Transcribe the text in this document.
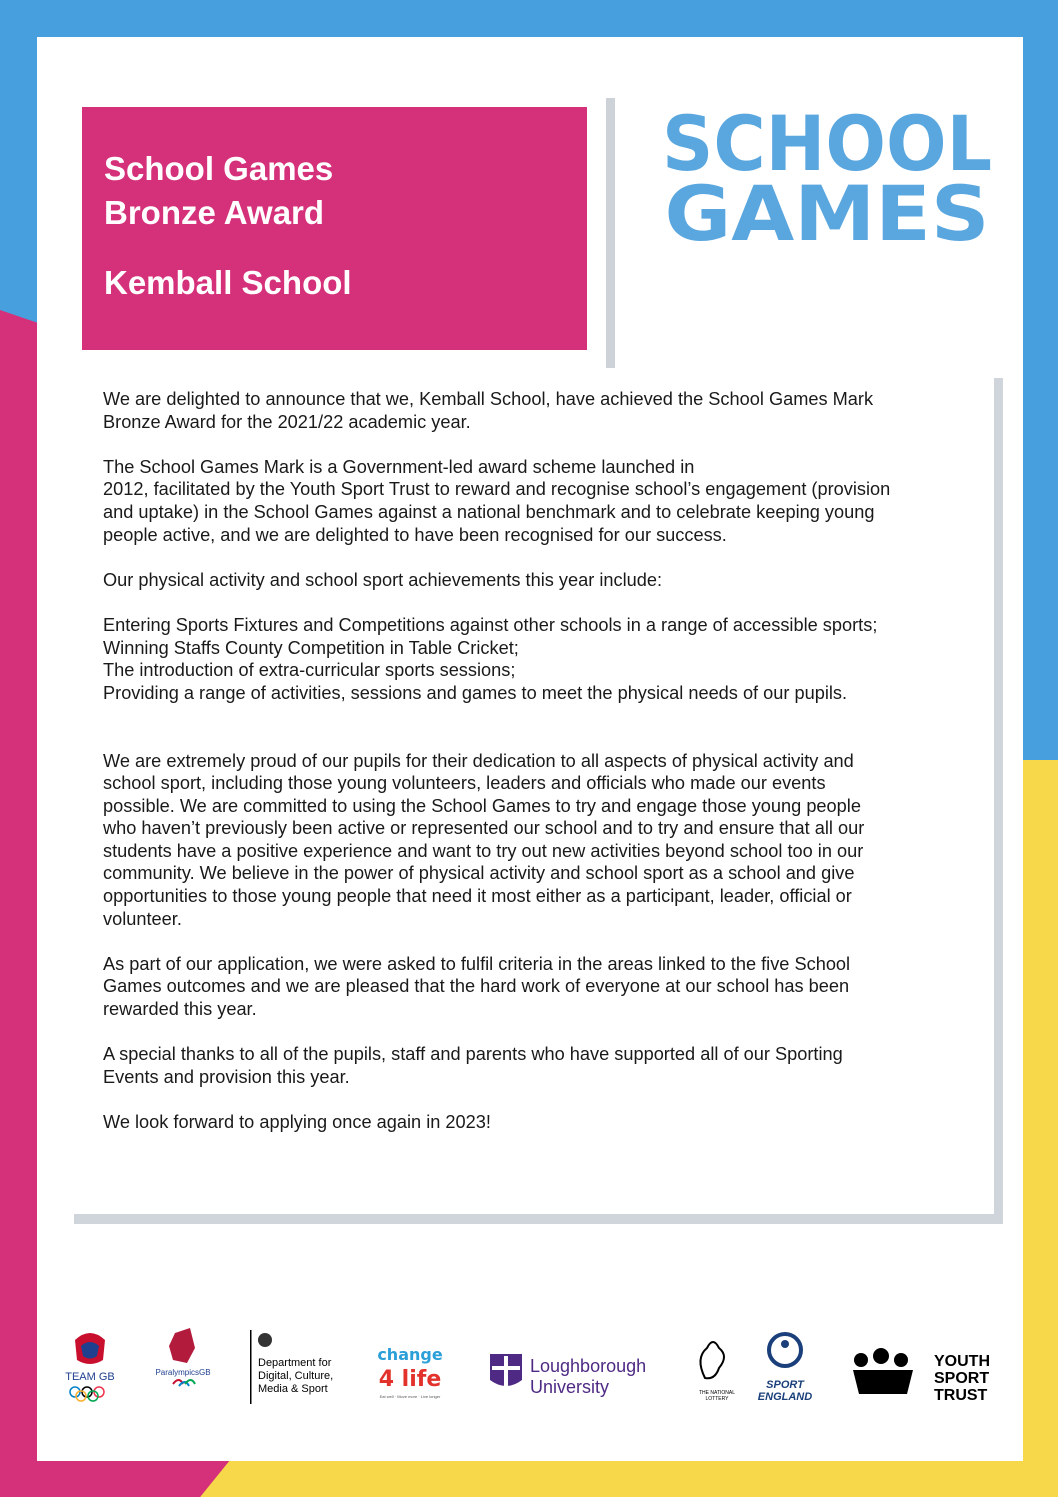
School Games

Bronze Award

Kemball School

SCHOOL
GAMES

We are delighted to announce that we, Kemball School, have achieved the School Games Mark

Bronze Award for the 2021/22 academic year.

The School Games Mark is a Government-led award scheme launched in

2012, facilitated by the Youth Sport Trust to reward and recognise school’s engagement (provision

and uptake) in the School Games against a national benchmark and to celebrate keeping young

people active, and we are delighted to have been recognised for our success.

Our physical activity and school sport achievements this year include:

Entering Sports Fixtures and Competitions against other schools in a range of accessible sports;

Winning Staffs County Competition in Table Cricket;

The introduction of extra-curricular sports sessions;

Providing a range of activities, sessions and games to meet the physical needs of our pupils.

We are extremely proud of our pupils for their dedication to all aspects of physical activity and

school sport, including those young volunteers, leaders and officials who made our events

possible. We are committed to using the School Games to try and engage those young people

who haven’t previously been active or represented our school and to try and ensure that all our

students have a positive experience and want to try out new activities beyond school too in our

community. We believe in the power of physical activity and school sport as a school and give

opportunities to those young people that need it most either as a participant, leader, official or

volunteer.

As part of our application, we were asked to fulfil criteria in the areas linked to the five School

Games outcomes and we are pleased that the hard work of everyone at our school has been

rewarded this year.

A special thanks to all of the pupils, staff and parents who have supported all of our Sporting

Events and provision this year.

We look forward to applying once again in 2023!

TEAM GB	ParalympicsGB
Department for
Digital, Culture,
Media & Sport
change
4 life
Eat well · Move more · Live longer
Loughborough
University	THE NATIONAL
LOTTERY
SPORT
ENGLAND
YOUTH
SPORT
TRUST
